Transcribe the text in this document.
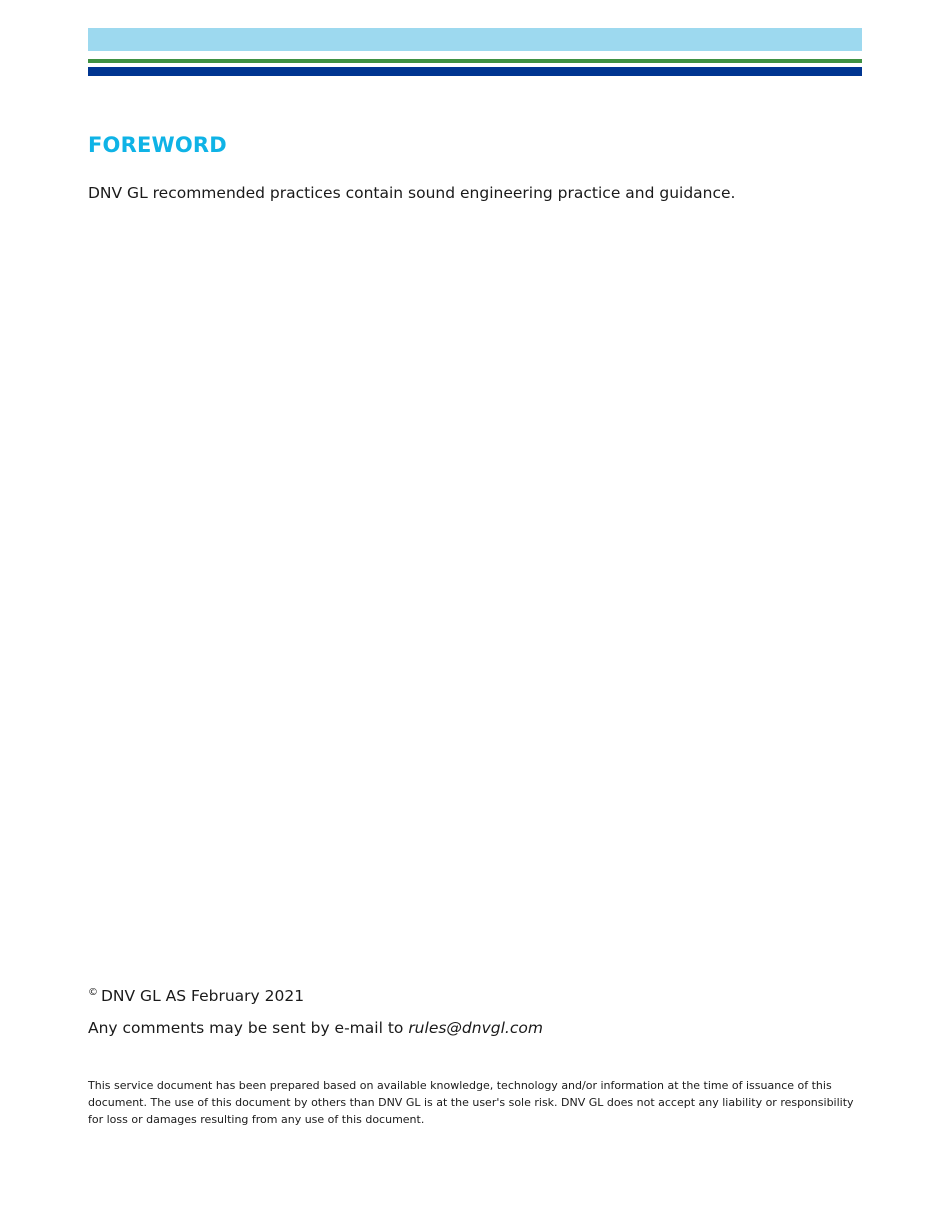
FOREWORD

DNV GL recommended practices contain sound engineering practice and guidance.

© DNV GL AS February 2021

Any comments may be sent by e-mail to rules@dnvgl.com

This service document has been prepared based on available knowledge, technology and/or information at the time of issuance of this document. The use of this document by others than DNV GL is at the user's sole risk. DNV GL does not accept any liability or responsibility for loss or damages resulting from any use of this document.
